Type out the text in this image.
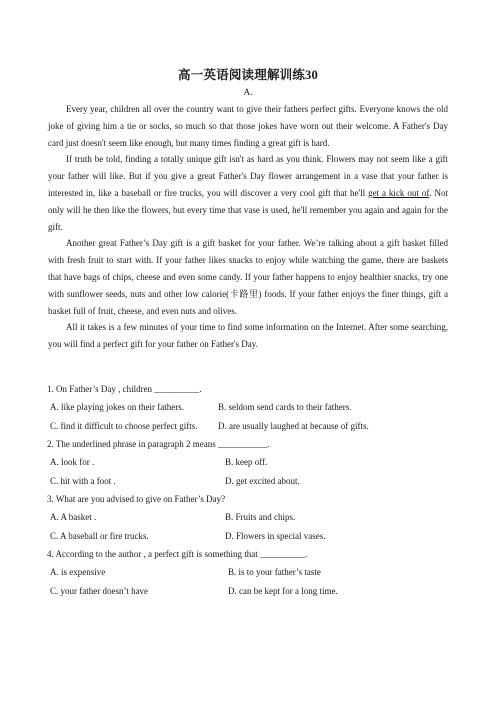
高一英语阅读理解训练30
A.

Every year, children all over the country want to give their fathers perfect gifts. Everyone knows the old joke of giving him a tie or socks, so much so that those jokes have worn out their welcome. A Father's Day card just doesn't seem like enough, but many times finding a great gift is hard.

If truth be told, finding a totally unique gift isn't as hard as you think. Flowers may not seem like a gift your father will like. But if you give a great Father's Day flower arrangement in a vase that your father is interested in, like a baseball or fire trucks, you will discover a very cool gift that he'll get a kick out of. Not only will he then like the flowers, but every time that vase is used, he'll remember you again and again for the gift.

Another great Father’s Day gift is a gift basket for your father. We’re talking about a gift basket filled with fresh fruit to start with. If your father likes snacks to enjoy while watching the game, there are baskets that have bags of chips, cheese and even some candy. If your father happens to enjoy healthier snacks, try one with sunflower seeds, nuts and other low calorie(卡路里) foods. If your father enjoys the finer things, gift a basket full of fruit, cheese, and even nuts and olives.

All it takes is a few minutes of your time to find some information on the Internet. After some searching, you will find a perfect gift for your father on Father's Day.

1. On Father’s Day , children __________.
A. like playing jokes on their fathers.	B. seldom send cards to their fathers.
C. find it difficult to choose perfect gifts.	D. are usually laughed at because of gifts.
2. The underlined phrase in paragraph 2 means ___________.
A. look for .	B. keep off.
C. hit with a foot .	D. get excited about.
3. What are you advised to give on Father’s Day?
A. A basket .	B. Fruits and chips.
C. A baseball or fire trucks.	D. Flowers in special vases.
4. According to the author , a perfect gift is something that __________.
A. is expensive	B. is to your father’s taste
C. your father doesn’t have	D. can be kept for a long time.
